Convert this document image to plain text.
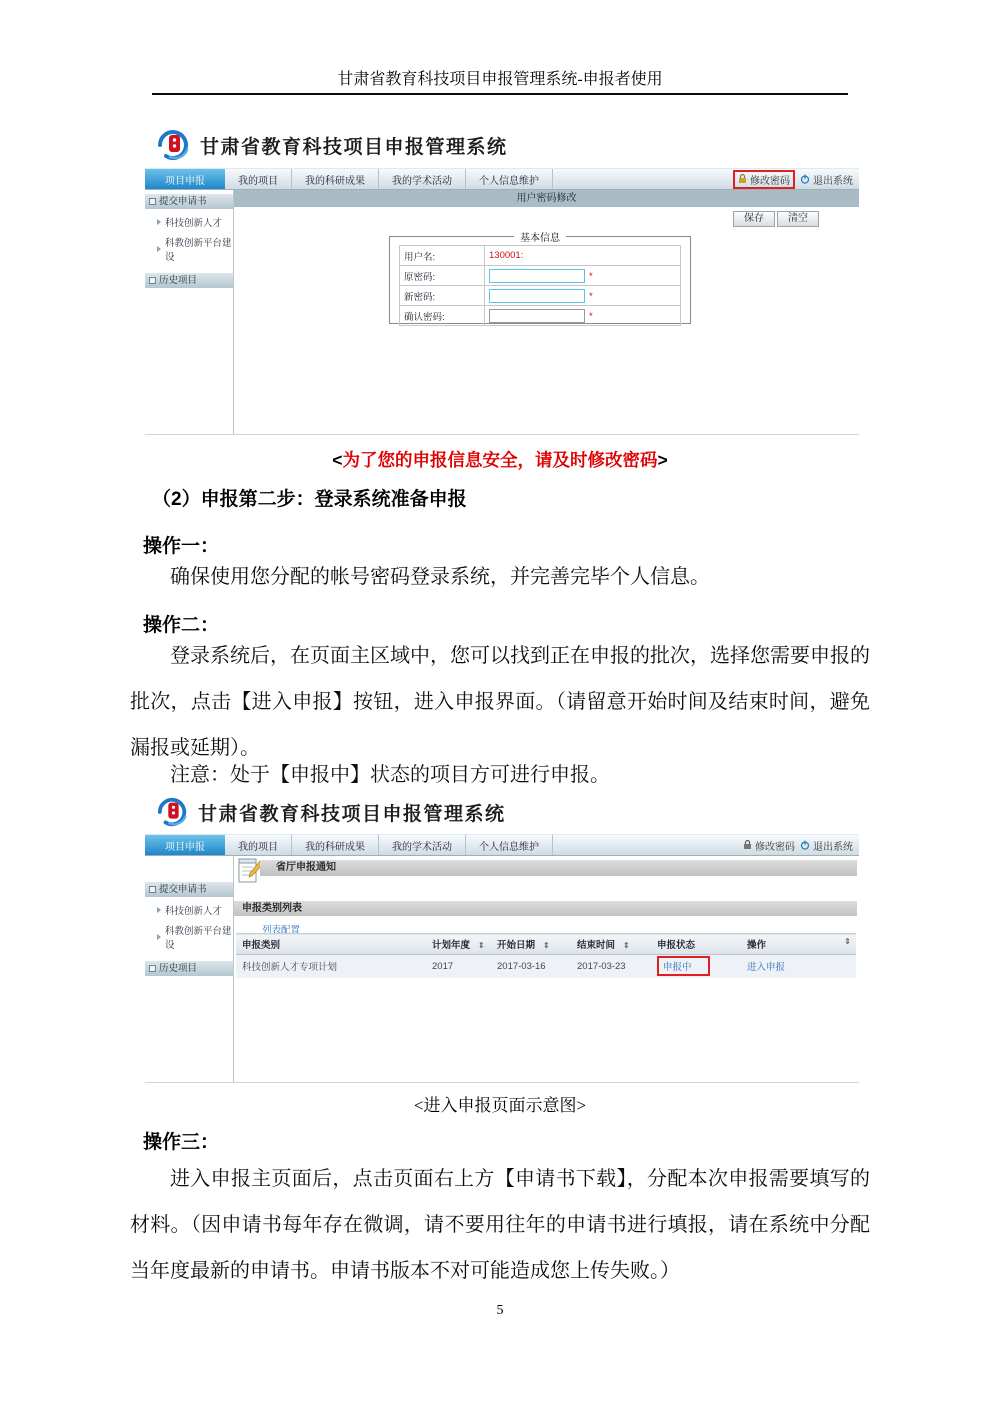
甘肃省教育科技项目申报管理系统-申报者使用
甘肃省教育科技项目申报管理系统
项目申报	我的项目	我的科研成果	我的学术活动	个人信息维护	修改密码 退出系统
提交申请书
科技创新人才
科教创新平台建设
历史项目
用户密码修改
保存	清空
基本信息
用户名:	130001:
原密码:	*
新密码:	*
确认密码:	*
<为了您的申报信息安全，请及时修改密码>
（2）申报第二步：登录系统准备申报
操作一：
确保使用您分配的帐号密码登录系统，并完善完毕个人信息。
操作二：
登录系统后，在页面主区域中，您可以找到正在申报的批次，选择您需要申报的批次，点击【进入申报】按钮，进入申报界面。（请留意开始时间及结束时间，避免漏报或延期）。
注意：处于【申报中】状态的项目方可进行申报。
甘肃省教育科技项目申报管理系统
项目申报	我的项目	我的科研成果	我的学术活动	个人信息维护	修改密码 退出系统
提交申请书
科技创新人才
科教创新平台建设
历史项目
省厅申报通知
申报类别列表
列表配置
申报类别	计划年度 ⇕	开始日期 ⇕	结束时间 ⇕	申报状态	操作 ⇕

科技创新人才专项计划	2017	2017-03-16	2017-03-23	申报中	进入申报
<进入申报页面示意图>
操作三：
进入申报主页面后，点击页面右上方【申请书下载】，分配本次申报需要填写的材料。（因申请书每年存在微调，请不要用往年的申请书进行填报，请在系统中分配当年度最新的申请书。申请书版本不对可能造成您上传失败。）
5
